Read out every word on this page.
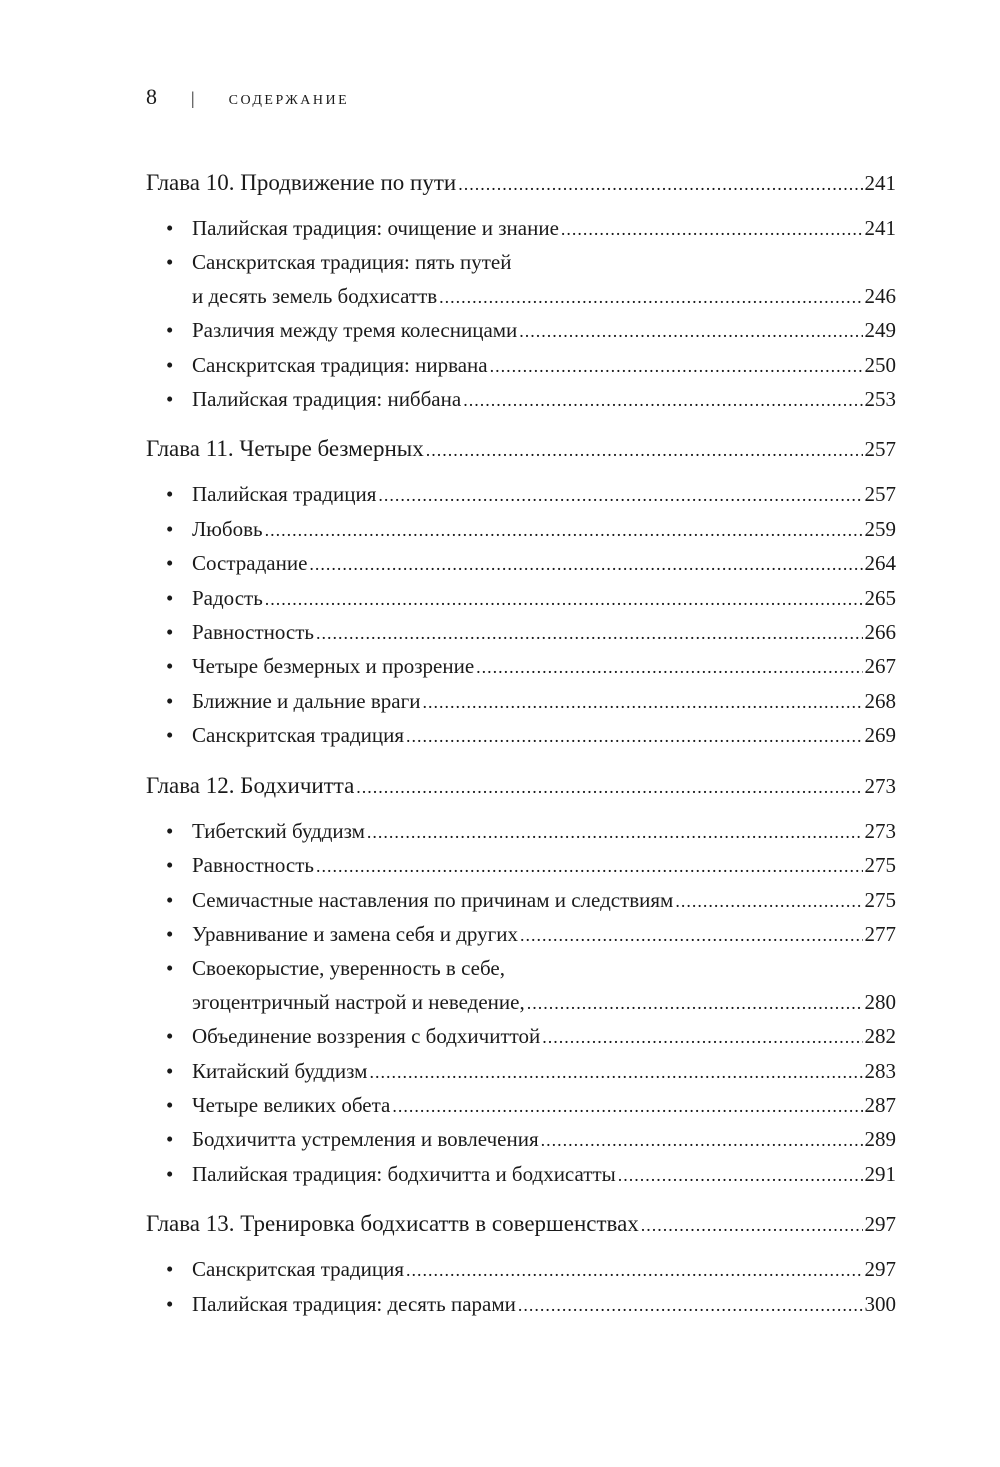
8 | СОДЕРЖАНИЕ
Глава 10. Продвижение по пути .....	241
• Палийская традиция: очищение и знание .....	241
• Санскритская традиция: пять путей
и десять земель бодхисаттв .....	246
• Различия между тремя колесницами .....	249
• Санскритская традиция: нирвана .....	250
• Палийская традиция: ниббана .....	253
Глава 11. Четыре безмерных .....	257
• Палийская традиция .....	257
• Любовь .....	259
• Сострадание .....	264
• Радость .....	265
• Равностность .....	266
• Четыре безмерных и прозрение .....	267
• Ближние и дальние враги .....	268
• Санскритская традиция .....	269
Глава 12. Бодхичитта .....	273
• Тибетский буддизм .....	273
• Равностность .....	275
• Семичастные наставления по причинам и следствиям .....	275
• Уравнивание и замена себя и других .....	277
• Своекорыстие, уверенность в себе,
эгоцентричный настрой и неведение, .....	280
• Объединение воззрения с бодхичиттой .....	282
• Китайский буддизм .....	283
• Четыре великих обета .....	287
• Бодхичитта устремления и вовлечения .....	289
• Палийская традиция: бодхичитта и бодхисатты .....	291
Глава 13. Тренировка бодхисаттв в совершенствах .....	297
• Санскритская традиция .....	297
• Палийская традиция: десять парами .....	300
